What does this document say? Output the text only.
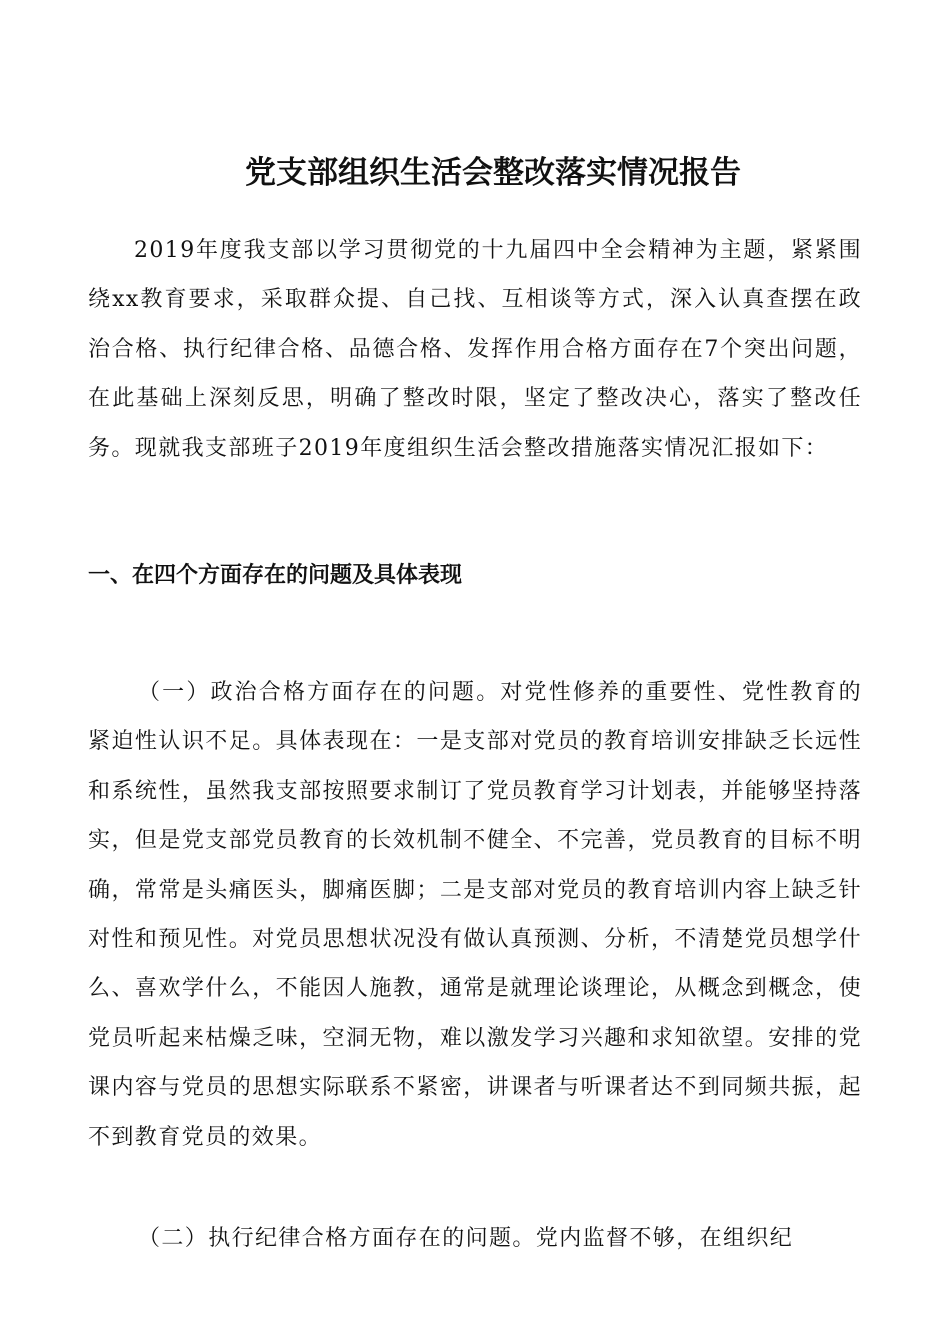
党支部组织生活会整改落实情况报告

2019年度我支部以学习贯彻党的十九届四中全会精神为主题，紧紧围绕xx教育要求，采取群众提、自己找、互相谈等方式，深入认真查摆在政治合格、执行纪律合格、品德合格、发挥作用合格方面存在7个突出问题，在此基础上深刻反思，明确了整改时限，坚定了整改决心，落实了整改任务。现就我支部班子2019年度组织生活会整改措施落实情况汇报如下：

一、在四个方面存在的问题及具体表现

（一）政治合格方面存在的问题。对党性修养的重要性、党性教育的紧迫性认识不足。具体表现在：一是支部对党员的教育培训安排缺乏长远性和系统性，虽然我支部按照要求制订了党员教育学习计划表，并能够坚持落实，但是党支部党员教育的长效机制不健全、不完善，党员教育的目标不明确，常常是头痛医头，脚痛医脚；二是支部对党员的教育培训内容上缺乏针对性和预见性。对党员思想状况没有做认真预测、分析，不清楚党员想学什么、喜欢学什么，不能因人施教，通常是就理论谈理论，从概念到概念，使党员听起来枯燥乏味，空洞无物，难以激发学习兴趣和求知欲望。安排的党课内容与党员的思想实际联系不紧密，讲课者与听课者达不到同频共振，起不到教育党员的效果。

（二）执行纪律合格方面存在的问题。党内监督不够，在组织纪
